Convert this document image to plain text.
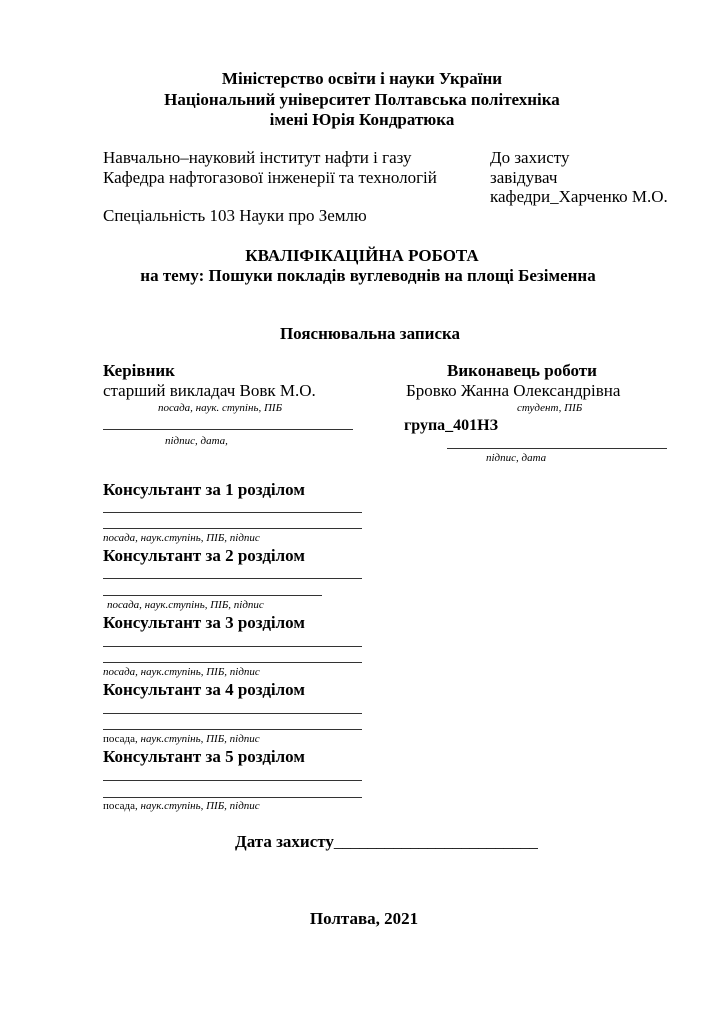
Міністерство освіти і науки України
Національний університет Полтавська політехніка
імені Юрія Кондратюка
Навчально–науковий інститут нафти і газу
Кафедра нафтогазової інженерії та технологій
Спеціальність 103 Науки про Землю
До захисту
завідувач
кафедри_Харченко М.О.
КВАЛІФІКАЦІЙНА РОБОТА
на тему: Пошуки покладів вуглеводнів на площі Безіменна
Пояснювальна записка
Керівник
старший викладач Вовк М.О.
посада, наук. ступінь, ПІБ
підпис, дата,
Виконавець роботи
Бровко Жанна Олександрівна
студент, ПІБ
група_401НЗ
підпис, дата
Консультант за 1 розділом
посада, наук.ступінь, ПІБ, підпис
Консультант за 2 розділом
посада, наук.ступінь, ПІБ, підпис
Консультант за 3 розділом
посада, наук.ступінь, ПІБ, підпис
Консультант за 4 розділом
посада, наук.ступінь, ПІБ, підпис
Консультант за 5 розділом
посада, наук.ступінь, ПІБ, підпис
Дата захисту________________________
Полтава, 2021
